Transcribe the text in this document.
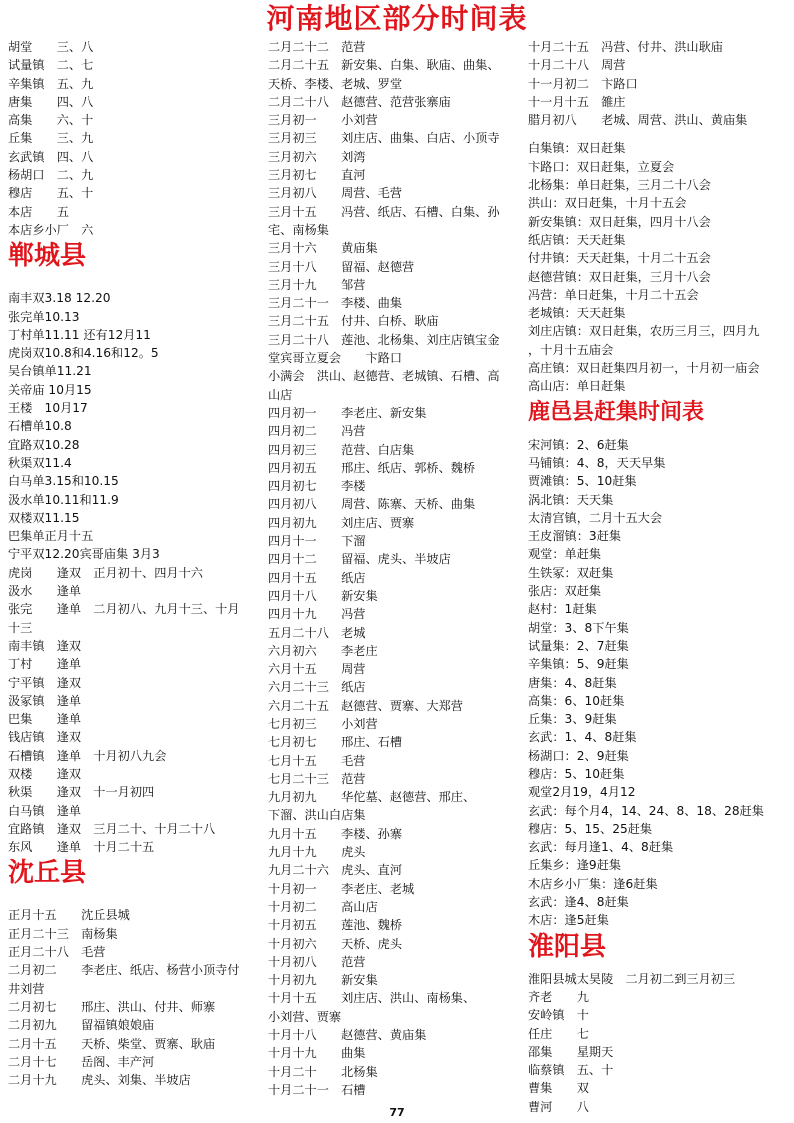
河南地区部分时间表
胡堂　　三、八
试量镇　二、七
辛集镇　五、九
唐集　　四、八
高集　　六、十
丘集　　三、九
玄武镇　四、八
杨胡口　二、九
穆店　　五、十
本店　　五
本店乡小厂　六
郸城县
南丰双3.18 12.20
张完单10.13
丁村单11.11 还有12月11
虎岗双10.8和4.16和12。5
吴台镇单11.21
关帝庙 10月15
王楼　10月17
石槽单10.8
宜路双10.28
秋渠双11.4
白马单3.15和10.15
汲水单10.11和11.9
双楼双11.15
巴集单正月十五
宁平双12.20宾哥庙集 3月3
虎岗　　逢双　正月初十、四月十六
汲水　　逢单
张完　　逢单　二月初八、九月十三、十月
十三
南丰镇　逢双
丁村　　逢单
宁平镇　逢双
汲冢镇　逢单
巴集　　逢单
钱店镇　逢双
石槽镇　逢单　十月初八九会
双楼　　逢双
秋渠　　逢双　十一月初四
白马镇　逢单
宜路镇　逢双　三月二十、十月二十八
东风　　逢单　十月二十五
沈丘县
正月十五　　沈丘县城
正月二十三　南杨集
正月二十八　毛营
二月初二　　李老庄、纸店、杨营小顶寺付
井刘营
二月初七　　邢庄、洪山、付井、师寨
二月初九　　留福镇娘娘庙
二月十五　　天桥、柴堂、贾寨、耿庙
二月十七　　岳阁、丰产河
二月十九　　虎头、刘集、半坡店
二月二十二　范营
二月二十五　新安集、白集、耿庙、曲集、
天桥、李楼、老城、罗堂
二月二十八　赵德营、范营张寨庙
三月初一　　小刘营
三月初三　　刘庄店、曲集、白店、小顶寺
三月初六　　刘湾
三月初七　　直河
三月初八　　周营、毛营
三月十五　　冯营、纸店、石槽、白集、孙
宅、南杨集
三月十六　　黄庙集
三月十八　　留福、赵德营
三月十九　　邹营
三月二十一　李楼、曲集
三月二十五　付井、白桥、耿庙
三月二十八　莲池、北杨集、刘庄店镇宝金
堂宾哥立夏会　　卞路口
小满会　洪山、赵德营、老城镇、石槽、高
山店
四月初一　　李老庄、新安集
四月初二　　冯营
四月初三　　范营、白店集
四月初五　　邢庄、纸店、郭桥、魏桥
四月初七　　李楼
四月初八　　周营、陈寨、天桥、曲集
四月初九　　刘庄店、贾寨
四月十一　　下溜
四月十二　　留福、虎头、半坡店
四月十五　　纸店
四月十八　　新安集
四月十九　　冯营
五月二十八　老城
六月初六　　李老庄
六月十五　　周营
六月二十三　纸店
六月二十五　赵德营、贾寨、大郑营
七月初三　　小刘营
七月初七　　邢庄、石槽
七月十五　　毛营
七月二十三　范营
九月初九　　华佗墓、赵德营、邢庄、
下溜、洪山白店集
九月十五　　李楼、孙寨
九月十九　　虎头
九月二十六　虎头、直河
十月初一　　李老庄、老城
十月初二　　高山店
十月初五　　莲池、魏桥
十月初六　　天桥、虎头
十月初八　　范营
十月初九　　新安集
十月十五　　刘庄店、洪山、南杨集、
小刘营、贾寨
十月十八　　赵德营、黄庙集
十月十九　　曲集
十月二十　　北杨集
十月二十一　石槽
十月二十五　冯营、付井、洪山耿庙
十月二十八　周营
十一月初二　卞路口
十一月十五　雒庄
腊月初八　　老城、周营、洪山、黄庙集
白集镇：双日赶集
卞路口：双日赶集，立夏会
北杨集：单日赶集，三月二十八会
洪山：双日赶集，十月十五会
新安集镇：双日赶集，四月十八会
纸店镇：天天赶集
付井镇：天天赶集，十月二十五会
赵德营镇：双日赶集，三月十八会
冯营：单日赶集，十月二十五会
老城镇：天天赶集
刘庄店镇：双日赶集，农历三月三，四月九
，十月十五庙会
高庄镇：双日赶集四月初一，十月初一庙会
高山店：单日赶集
鹿邑县赶集时间表
宋河镇：2、6赶集
马铺镇：4、8，天天早集
贾滩镇：5、10赶集
涡北镇：天天集
太清宫镇，二月十五大会
王皮溜镇：3赶集
观堂：单赶集
生铁冢：双赶集
张店：双赶集
赵村：1赶集
胡堂：3、8下午集
试量集：2、7赶集
辛集镇：5、9赶集
唐集：4、8赶集
高集：6、10赶集
丘集：3、9赶集
玄武：1、4、8赶集
杨湖口：2、9赶集
穆店：5、10赶集
观堂2月19，4月12
玄武：每个月4，14、24、8、18、28赶集
穆店：5、15、25赶集
玄武：每月逢1、4、8赶集
丘集乡：逢9赶集
木店乡小厂集：逢6赶集
玄武：逢4、8赶集
木店：逢5赶集
淮阳县
淮阳县城太昊陵　二月初二到三月初三
齐老　　九
安岭镇　十
任庄　　七
邵集　　星期天
临蔡镇　五、十
曹集　　双
曹河　　八
77
